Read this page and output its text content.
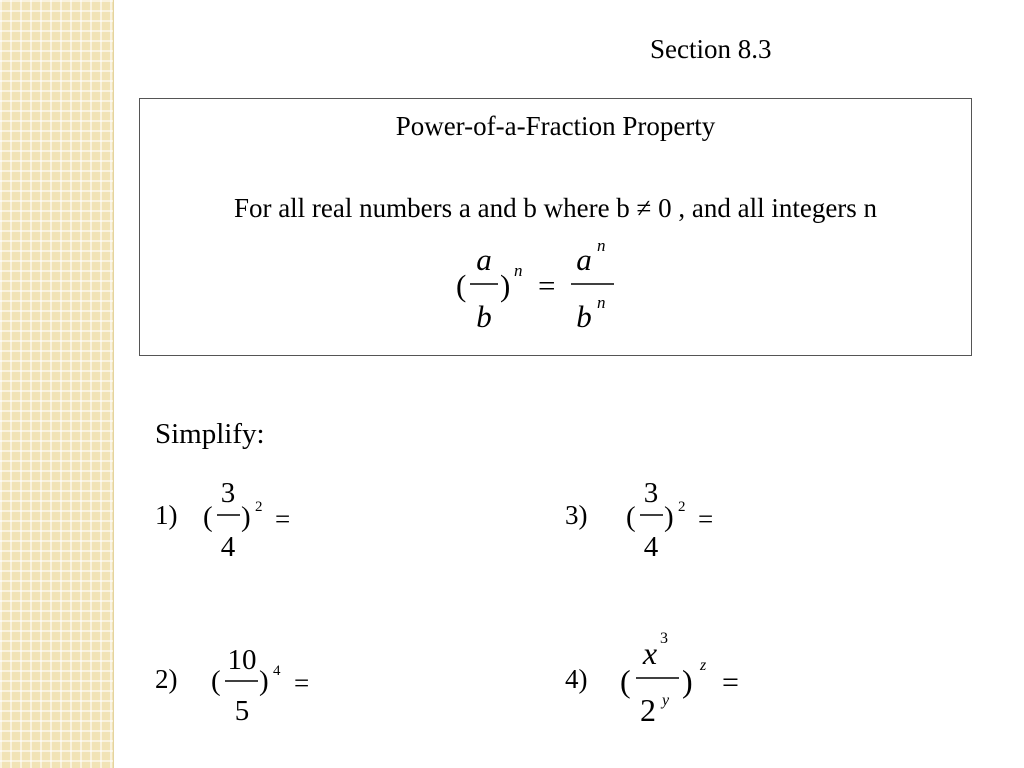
Section 8.3
Power-of-a-Fraction Property
For all real numbers a and b where b ≠ 0 , and all integers n
Simplify:
1)
2)
3)
4)
(
a
b
) n =
a n
b n
(
3
4
) 2 =
(
10
5
) 4 =
(
3
4
) 2 =
(
x 3
2 y
) z
=
